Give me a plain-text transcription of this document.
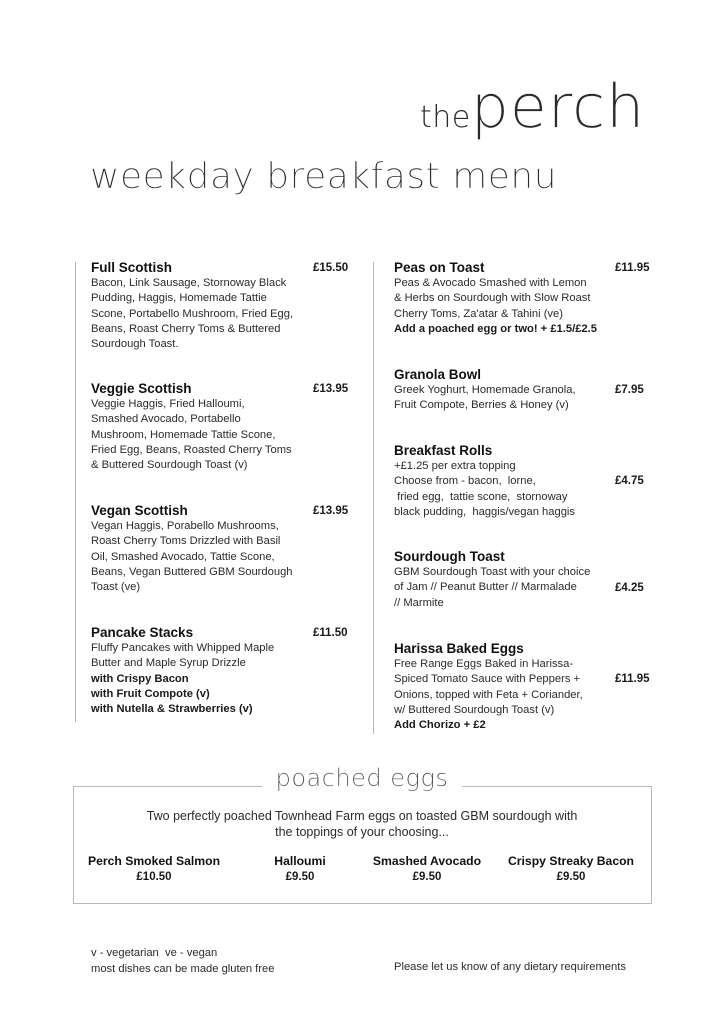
theperch
weekday breakfast menu
Full Scottish
Bacon, Link Sausage, Stornoway Black
Pudding, Haggis, Homemade Tattie
Scone, Portabello Mushroom, Fried Egg,
Beans, Roast Cherry Toms & Buttered
Sourdough Toast.
£15.50
Veggie Scottish
Veggie Haggis, Fried Halloumi,
Smashed Avocado, Portabello
Mushroom, Homemade Tattie Scone,
Fried Egg, Beans, Roasted Cherry Toms
& Buttered Sourdough Toast (v)
£13.95
Vegan Scottish
Vegan Haggis, Porabello Mushrooms,
Roast Cherry Toms Drizzled with Basil
Oil, Smashed Avocado, Tattie Scone,
Beans, Vegan Buttered GBM Sourdough
Toast (ve)
£13.95
Pancake Stacks
Fluffy Pancakes with Whipped Maple
Butter and Maple Syrup Drizzle
with Crispy Bacon
with Fruit Compote (v)
with Nutella & Strawberries (v)
£11.50
Peas on Toast
Peas & Avocado Smashed with Lemon
& Herbs on Sourdough with Slow Roast
Cherry Toms, Za'atar & Tahini (ve)
Add a poached egg or two! + £1.5/£2.5
£11.95
Granola Bowl
Greek Yoghurt, Homemade Granola,
Fruit Compote, Berries & Honey (v)
£7.95
Breakfast Rolls
+£1.25 per extra topping
Choose from - bacon,  lorne,
fried egg,  tattie scone,  stornoway
black pudding,  haggis/vegan haggis
£4.75
Sourdough Toast
GBM Sourdough Toast with your choice
of Jam // Peanut Butter // Marmalade
// Marmite
£4.25
Harissa Baked Eggs
Free Range Eggs Baked in Harissa-
Spiced Tomato Sauce with Peppers +
Onions, topped with Feta + Coriander,
w/ Buttered Sourdough Toast (v)
Add Chorizo + £2
£11.95
poached eggs
Two perfectly poached Townhead Farm eggs on toasted GBM sourdough with
the toppings of your choosing...
Perch Smoked Salmon
£10.50
Halloumi
£9.50
Smashed Avocado
£9.50
Crispy Streaky Bacon
£9.50
v - vegetarian  ve - vegan
most dishes can be made gluten free	Please let us know of any dietary requirements
